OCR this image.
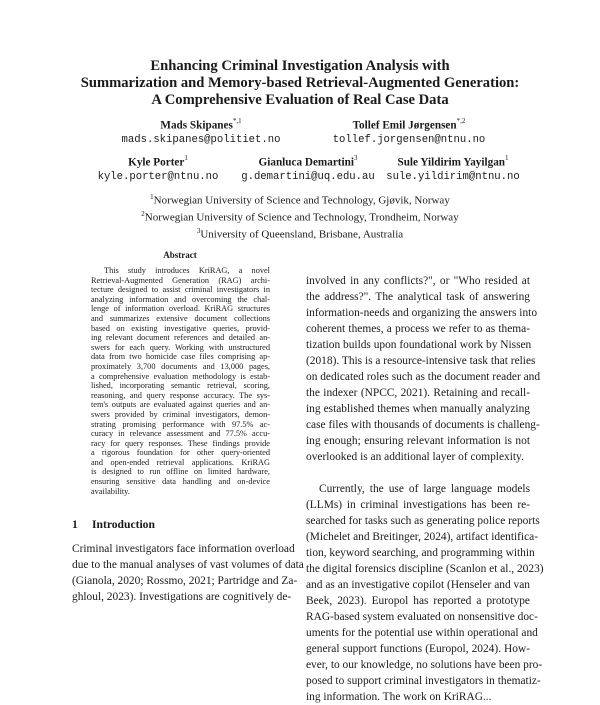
Enhancing Criminal Investigation Analysis with
Summarization and Memory-based Retrieval-Augmented Generation:
A Comprehensive Evaluation of Real Case Data
Mads Skipanes$^{*,1}$
mads.skipanes@politiet.no
Tollef Emil Jørgensen$^{*,2}$
tollef.jorgensen@ntnu.no
Kyle Porter$^1$
kyle.porter@ntnu.no
Gianluca Demartini$^3$
g.demartini@uq.edu.au
Sule Yildirim Yayilgan$^1$
sule.yildirim@ntnu.no
$^1$Norwegian University of Science and Technology, Gjøvik, Norway
$^2$Norwegian University of Science and Technology, Trondheim, Norway
$^3$University of Queensland, Brisbane, Australia
Abstract
This study introduces KriRAG, a novel
Retrieval-Augmented Generation (RAG) archi-
tecture designed to assist criminal investigators in
analyzing information and overcoming the chal-
lenge of information overload. KriRAG structures
and summarizes extensive document collections
based on existing investigative queries, provid-
ing relevant document references and detailed an-
swers for each query. Working with unstructured
data from two homicide case files comprising ap-
proximately 3,700 documents and 13,000 pages,
a comprehensive evaluation methodology is estab-
lished, incorporating semantic retrieval, scoring,
reasoning, and query response accuracy. The sys-
tem's outputs are evaluated against queries and an-
swers provided by criminal investigators, demon-
strating promising performance with 97.5% ac-
curacy in relevance assessment and 77.5% accu-
racy for query responses. These findings provide
a rigorous foundation for other query-oriented
and open-ended retrieval applications. KriRAG
is designed to run offline on limited hardware,
ensuring sensitive data handling and on-device
availability.
1 Introduction
Criminal investigators face information overload
due to the manual analyses of vast volumes of data
(Gianola, 2020; Rossmo, 2021; Partridge and Za-
ghloul, 2023). Investigations are cognitively de-
involved in any conflicts?", or "Who resided at
the address?". The analytical task of answering
information-needs and organizing the answers into
coherent themes, a process we refer to as thema-
tization builds upon foundational work by Nissen
(2018). This is a resource-intensive task that relies
on dedicated roles such as the document reader and
the indexer (NPCC, 2021). Retaining and recall-
ing established themes when manually analyzing
case files with thousands of documents is challeng-
ing enough; ensuring relevant information is not
overlooked is an additional layer of complexity.
Currently, the use of large language models
(LLMs) in criminal investigations has been re-
searched for tasks such as generating police reports
(Michelet and Breitinger, 2024), artifact identifica-
tion, keyword searching, and programming within
the digital forensics discipline (Scanlon et al., 2023)
and as an investigative copilot (Henseler and van
Beek, 2023). Europol has reported a prototype
RAG-based system evaluated on nonsensitive doc-
uments for the potential use within operational and
general support functions (Europol, 2024). How-
ever, to our knowledge, no solutions have been pro-
posed to support criminal investigators in thematiz-
ing information. The work on KriRAG...
